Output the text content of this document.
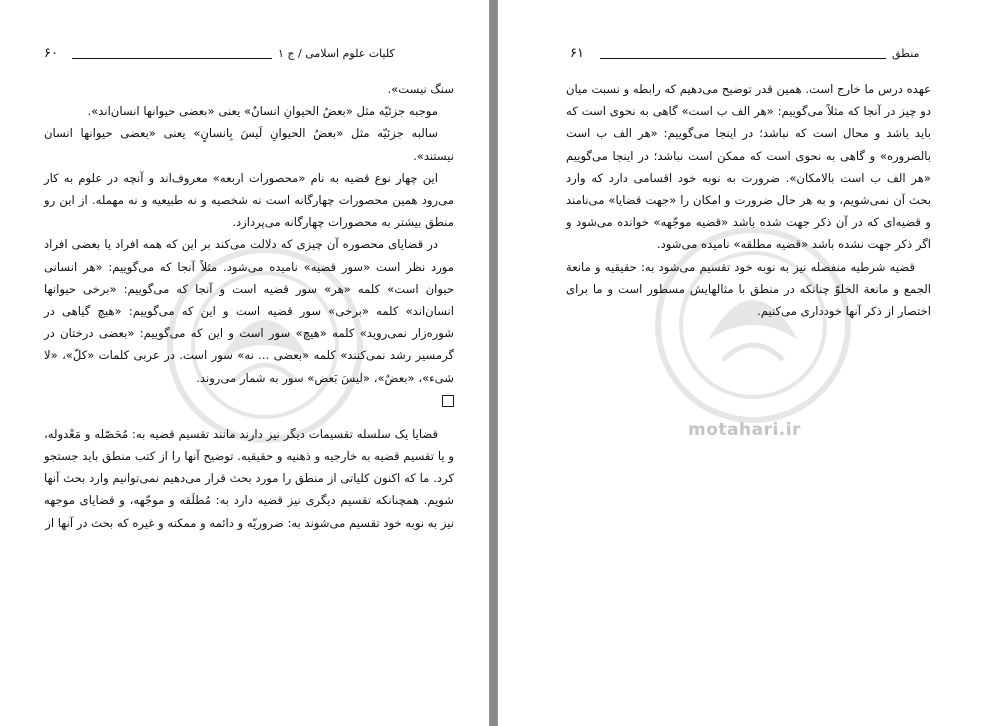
۶۰	کلیات علوم اسلامی / ج ۱

سنگ نیست».

موجبه جزئیّه مثل «بعضُ الحیوانِ انسانٌ» یعنی «بعضی حیوانها انسان‌اند».

سالبه جزئیّه مثل «بعضُ الحیوانِ لَیسَ بِانسانٍ» یعنی «بعضی حیوانها انسان نیستند».

این چهار نوع قضیه به نام «محصورات اربعه» معروف‌اند و آنچه در علوم به کار می‌رود همین محصورات چهارگانه است نه شخصیه و نه طبیعیه و نه مهمله. از این رو منطق بیشتر به محصورات چهارگانه می‌پردازد.

در قضایای محصوره آن چیزی که دلالت می‌کند بر این که همه افراد یا بعضی افراد مورد نظر است «سور قضیه» نامیده می‌شود. مثلاً آنجا که می‌گوییم: «هر انسانی حیوان است» کلمه «هر» سور قضیه است و آنجا که می‌گوییم: «برخی حیوانها انسان‌اند» کلمه «برخی» سور قضیه است و این که می‌گوییم: «هیچ گیاهی در شورەزار نمی‌روید» کلمه «هیچ» سور است و این که می‌گوییم: «بعضی درختان در گرمسیر رشد نمی‌کنند» کلمه «بعضی ... نه» سور است. در عربی کلمات «کلّ»، «لا شیء»، «بعضٌ»، «لیسَ بَعض» سور به شمار می‌روند.

قضایا یک سلسله تقسیمات دیگر نیز دارند مانند تقسیم قضیه به: مُحَصّله و مَعْدوله، و یا تقسیم قضیه به خارجیه و ذهنیه و حقیقیه. توضیح آنها را از کتب منطق باید جستجو کرد. ما که اکنون کلیاتی از منطق را مورد بحث قرار می‌دهیم نمی‌توانیم وارد بحث آنها شویم. همچنانکه تقسیم دیگری نیز قضیه دارد به: مُطلَقه و موجّهه، و قضایای موجهه نیز به نوبه خود تقسیم می‌شوند به: ضروریّه و دائمه و ممکنه و غیره که بحث در آنها از

۶۱	منطق
motahari.ir

عهده درس ما خارج است. همین قدر توضیح می‌دهیم که رابطه و نسبت میان دو چیز در آنجا که مثلاً می‌گوییم: «هر الف ب است» گاهی به نحوی است که باید باشد و محال است که نباشد؛ در اینجا می‌گوییم: «هر الف ب است بالضروره» و گاهی به نحوی است که ممکن است نباشد؛ در اینجا می‌گوییم «هر الف ب است بالامکان». ضرورت به نوبه خود اقسامی دارد که وارد بحث آن نمی‌شویم، و به هر حال ضرورت و امکان را «جهت قضایا» می‌نامند و قضیه‌ای که در آن ذکر جهت شده باشد «قضیه موجّهه» خوانده می‌شود و اگر ذکر جهت نشده باشد «قضیه مطلقه» نامیده می‌شود.

قضیه شرطیه منفصله نیز به نوبه خود تقسیم می‌شود به: حقیقیه و مانعة الجمع و مانعة الخلوّ چنانکه در منطق با مثالهایش مسطور است و ما برای اختصار از ذکر آنها خودداری می‌کنیم.
